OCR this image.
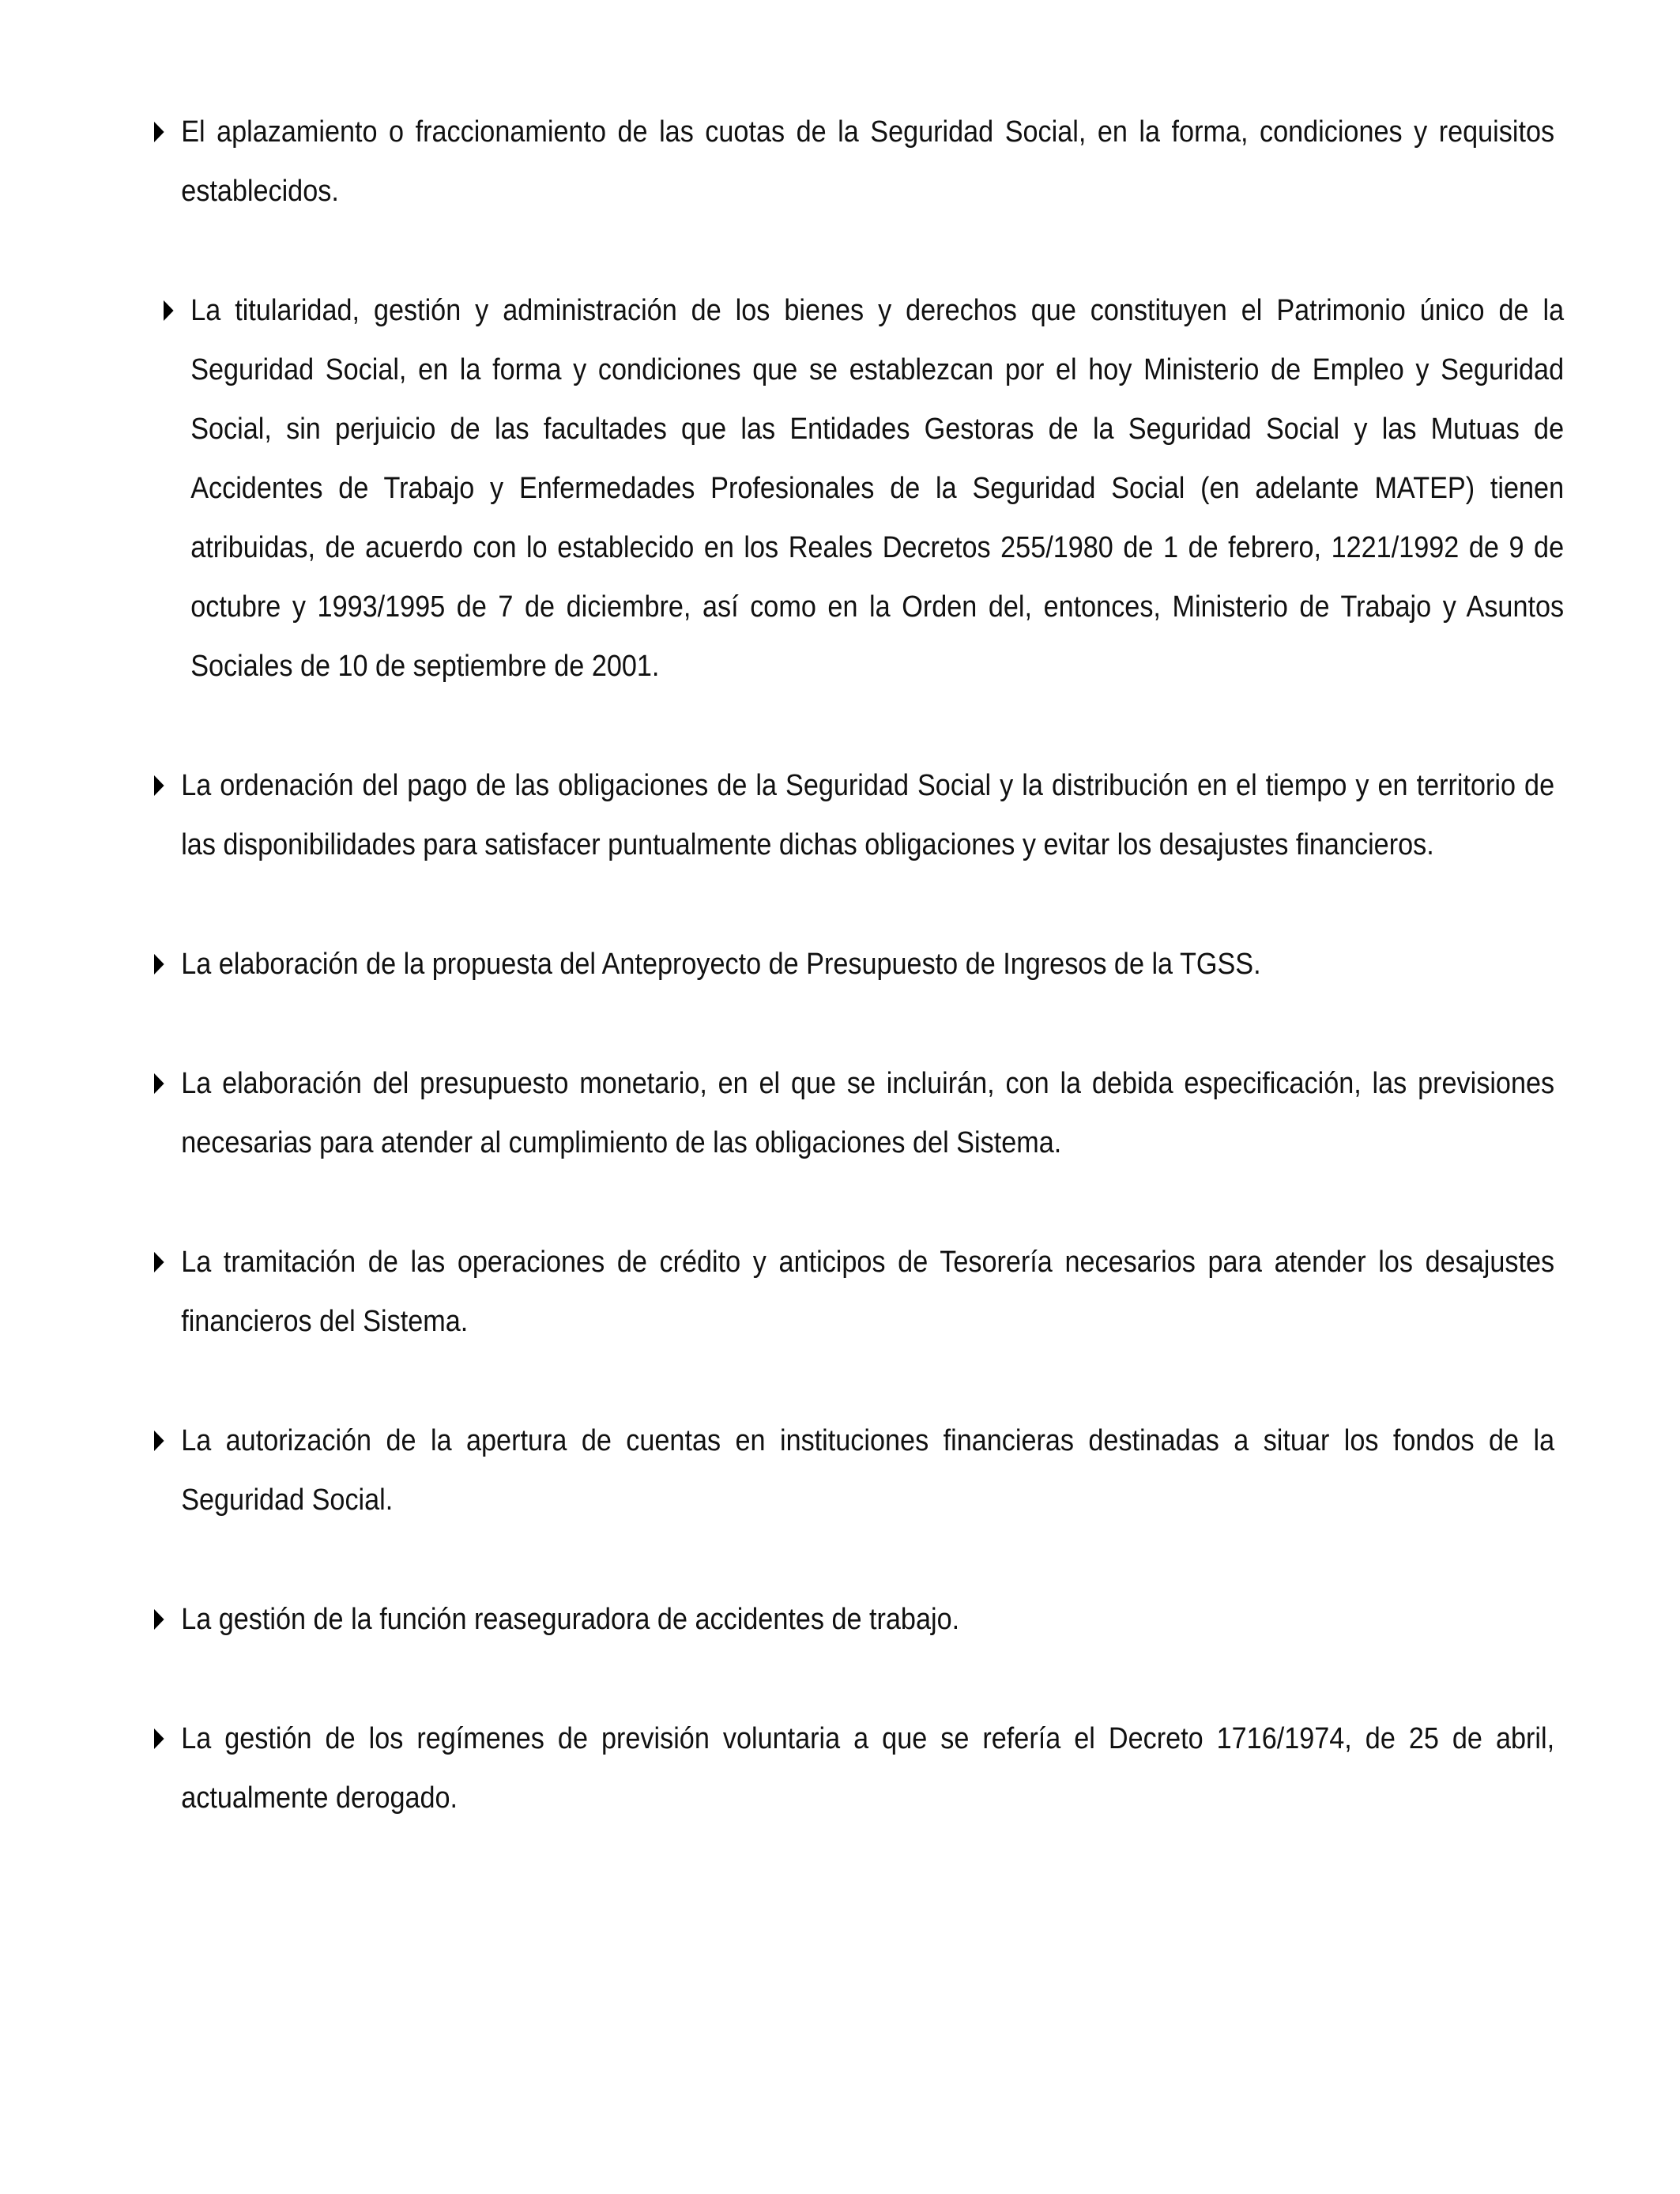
El aplazamiento o fraccionamiento de las cuotas de la Seguridad Social, en la forma, condiciones y requisitos establecidos.
La titularidad, gestión y administración de los bienes y derechos que constituyen el Patrimonio único de la Seguridad Social, en la forma y condiciones que se establezcan por el hoy Ministerio de Empleo y Seguridad Social, sin perjuicio de las facultades que las Entidades Gestoras de la Seguridad Social y las Mutuas de Accidentes de Trabajo y Enfermedades Profesionales de la Seguridad Social (en adelante MATEP) tienen atribuidas, de acuerdo con lo establecido en los Reales Decretos 255/1980 de 1 de febrero, 1221/1992 de 9 de octubre y 1993/1995 de 7 de diciembre, así como en la Orden del, entonces, Ministerio de Trabajo y Asuntos Sociales de 10 de septiembre de 2001.
La ordenación del pago de las obligaciones de la Seguridad Social y la distribución en el tiempo y en territorio de las disponibilidades para satisfacer puntualmente dichas obligaciones y evitar los desajustes financieros.
La elaboración de la propuesta del Anteproyecto de Presupuesto de Ingresos de la TGSS.
La elaboración del presupuesto monetario, en el que se incluirán, con la debida especificación, las previsiones necesarias para atender al cumplimiento de las obligaciones del Sistema.
La tramitación de las operaciones de crédito y anticipos de Tesorería necesarios para atender los desajustes financieros del Sistema.
La autorización de la apertura de cuentas en instituciones financieras destinadas a situar los fondos de la Seguridad Social.
La gestión de la función reaseguradora de accidentes de trabajo.
La gestión de los regímenes de previsión voluntaria a que se refería el Decreto 1716/1974, de 25 de abril, actualmente derogado.
